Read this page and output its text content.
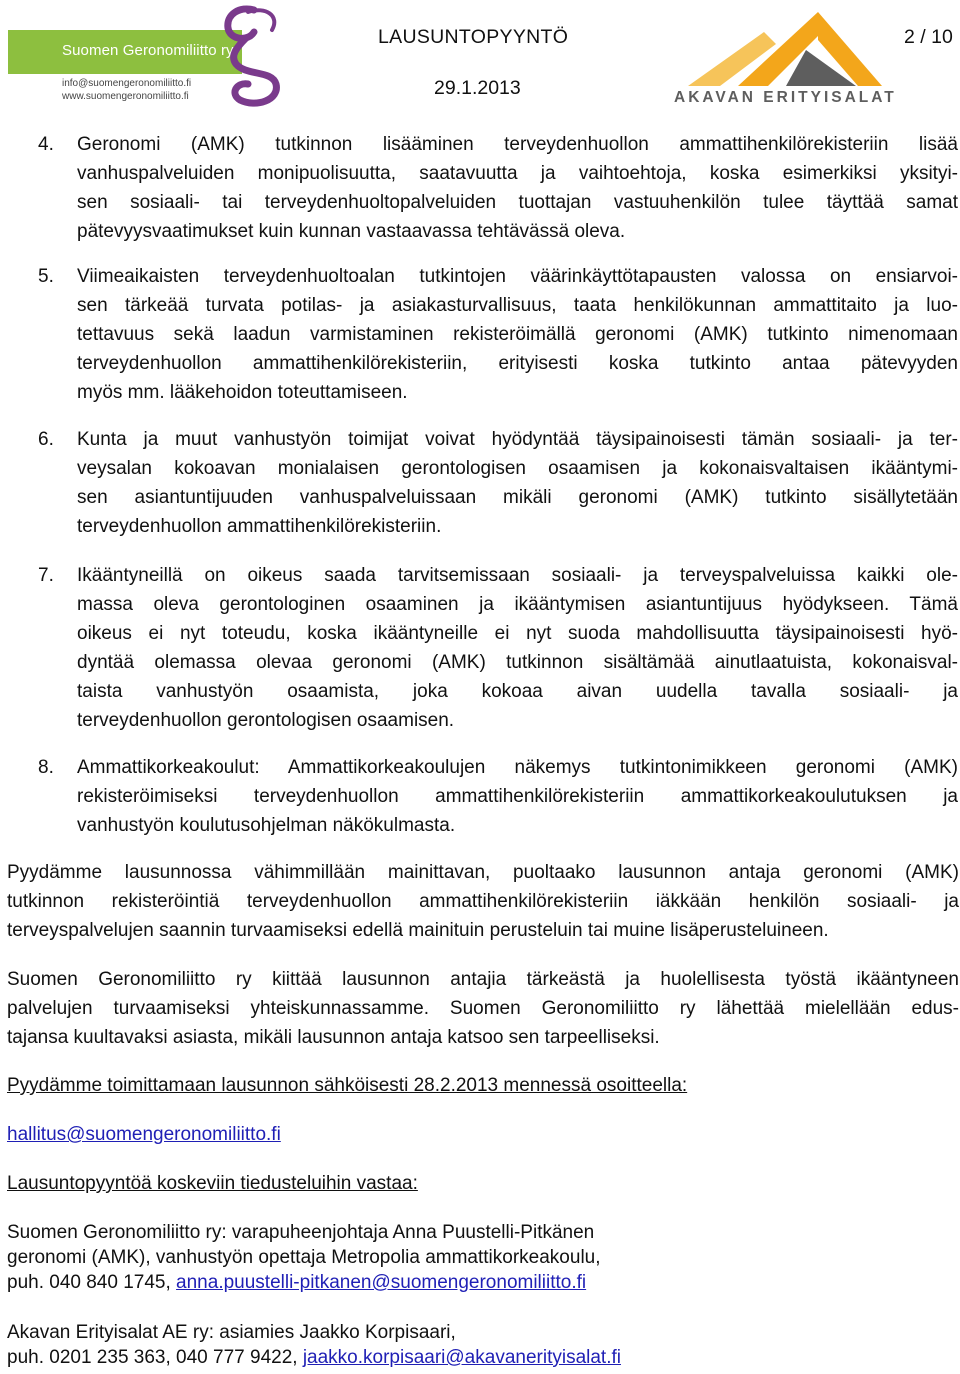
Suomen Geronomiliitto ry
info@suomengeronomiliitto.fi
www.suomengeronomiliitto.fi
LAUSUNTOPYYNTÖ	2 / 10
29.1.2013	AKAVAN ERITYISALAT
4. Geronomi (AMK) tutkinnon lisääminen terveydenhuollon ammattihenkilörekisteriin lisää
vanhuspalveluiden monipuolisuutta, saatavuutta ja vaihtoehtoja, koska esimerkiksi yksityi-
sen sosiaali- tai terveydenhuoltopalveluiden tuottajan vastuuhenkilön tulee täyttää samat
pätevyysvaatimukset kuin kunnan vastaavassa tehtävässä oleva.
5. Viimeaikaisten terveydenhuoltoalan tutkintojen väärinkäyttötapausten valossa on ensiarvoi-
sen tärkeää turvata potilas- ja asiakasturvallisuus, taata henkilökunnan ammattitaito ja luo-
tettavuus sekä laadun varmistaminen rekisteröimällä geronomi (AMK) tutkinto nimenomaan
terveydenhuollon ammattihenkilörekisteriin, erityisesti koska tutkinto antaa pätevyyden
myös mm. lääkehoidon toteuttamiseen.
6. Kunta ja muut vanhustyön toimijat voivat hyödyntää täysipainoisesti tämän sosiaali- ja ter-
veysalan kokoavan monialaisen gerontologisen osaamisen ja kokonaisvaltaisen ikääntymi-
sen asiantuntijuuden vanhuspalveluissaan mikäli geronomi (AMK) tutkinto sisällytetään
terveydenhuollon ammattihenkilörekisteriin.
7. Ikääntyneillä on oikeus saada tarvitsemissaan sosiaali- ja terveyspalveluissa kaikki ole-
massa oleva gerontologinen osaaminen ja ikääntymisen asiantuntijuus hyödykseen. Tämä
oikeus ei nyt toteudu, koska ikääntyneille ei nyt suoda mahdollisuutta täysipainoisesti hyö-
dyntää olemassa olevaa geronomi (AMK) tutkinnon sisältämää ainutlaatuista, kokonaisval-
taista vanhustyön osaamista, joka kokoaa aivan uudella tavalla sosiaali- ja
terveydenhuollon gerontologisen osaamisen.
8. Ammattikorkeakoulut: Ammattikorkeakoulujen näkemys tutkintonimikkeen geronomi (AMK)
rekisteröimiseksi terveydenhuollon ammattihenkilörekisteriin ammattikorkeakoulutuksen ja
vanhustyön koulutusohjelman näkökulmasta.
Pyydämme lausunnossa vähimmillään mainittavan, puoltaako lausunnon antaja geronomi (AMK)
tutkinnon rekisteröintiä terveydenhuollon ammattihenkilörekisteriin iäkkään henkilön sosiaali- ja
terveyspalvelujen saannin turvaamiseksi edellä mainituin perusteluin tai muine lisäperusteluineen.
Suomen Geronomiliitto ry kiittää lausunnon antajia tärkeästä ja huolellisesta työstä ikääntyneen
palvelujen turvaamiseksi yhteiskunnassamme. Suomen Geronomiliitto ry lähettää mielellään edus-
tajansa kuultavaksi asiasta, mikäli lausunnon antaja katsoo sen tarpeelliseksi.
Pyydämme toimittamaan lausunnon sähköisesti 28.2.2013 mennessä osoitteella:
hallitus@suomengeronomiliitto.fi
Lausuntopyyntöä koskeviin tiedusteluihin vastaa:
Suomen Geronomiliitto ry: varapuheenjohtaja Anna Puustelli-Pitkänen
geronomi (AMK), vanhustyön opettaja Metropolia ammattikorkeakoulu,
puh. 040 840 1745, anna.puustelli-pitkanen@suomengeronomiliitto.fi
Akavan Erityisalat AE ry: asiamies Jaakko Korpisaari,
puh. 0201 235 363, 040 777 9422, jaakko.korpisaari@akavanerityisalat.fi
